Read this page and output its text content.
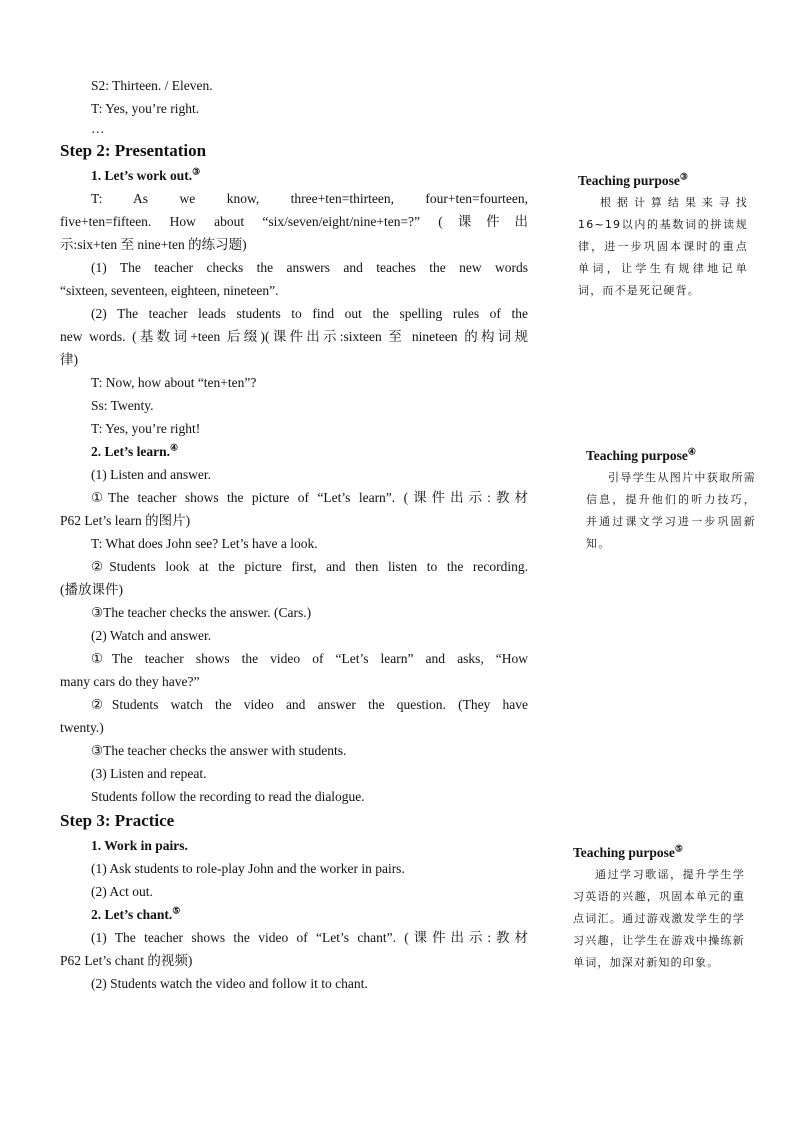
S2: Thirteen. / Eleven.
T: Yes, you’re right.
…
Step 2: Presentation
1. Let’s work out.③
T: As we know, three+ten=thirteen, four+ten=fourteen,
five+ten=fifteen. How about “six/seven/eight/nine+ten=?” (课件出
示:six+ten 至 nine+ten 的练习题)
(1) The teacher checks the answers and teaches the new words
“sixteen, seventeen, eighteen, nineteen”.
(2) The teacher leads students to find out the spelling rules of the
new words. (基数词+teen 后缀)(课件出示:sixteen 至 nineteen 的构词规
律)
T: Now, how about “ten+ten”?
Ss: Twenty.
T: Yes, you’re right!
2. Let’s learn.④
(1) Listen and answer.
①The teacher shows the picture of “Let’s learn”. (课件出示:教材
P62 Let’s learn 的图片)
T: What does John see? Let’s have a look.
②Students look at the picture first, and then listen to the recording.
(播放课件)
③The teacher checks the answer. (Cars.)
(2) Watch and answer.
①The teacher shows the video of “Let’s learn” and asks, “How
many cars do they have?”
②Students watch the video and answer the question. (They have
twenty.)
③The teacher checks the answer with students.
(3) Listen and repeat.
Students follow the recording to read the dialogue.
Step 3: Practice
1. Work in pairs.
(1) Ask students to role-play John and the worker in pairs.
(2) Act out.
2. Let’s chant.⑤
(1) The teacher shows the video of “Let’s chant”. (课件出示:教材
P62 Let’s chant 的视频)
(2) Students watch the video and follow it to chant.
Teaching purpose③
根据计算结果来寻找16~19以内的基数词的拼读规律，进一步巩固本课时的重点单词，让学生有规律地记单词，而不是死记硬背。
Teaching purpose④
引导学生从图片中获取所需信息，提升他们的听力技巧，并通过课文学习进一步巩固新知。
Teaching purpose⑤
通过学习歌谣，提升学生学习英语的兴趣，巩固本单元的重点词汇。通过游戏激发学生的学习兴趣，让学生在游戏中操练新单词，加深对新知的印象。
